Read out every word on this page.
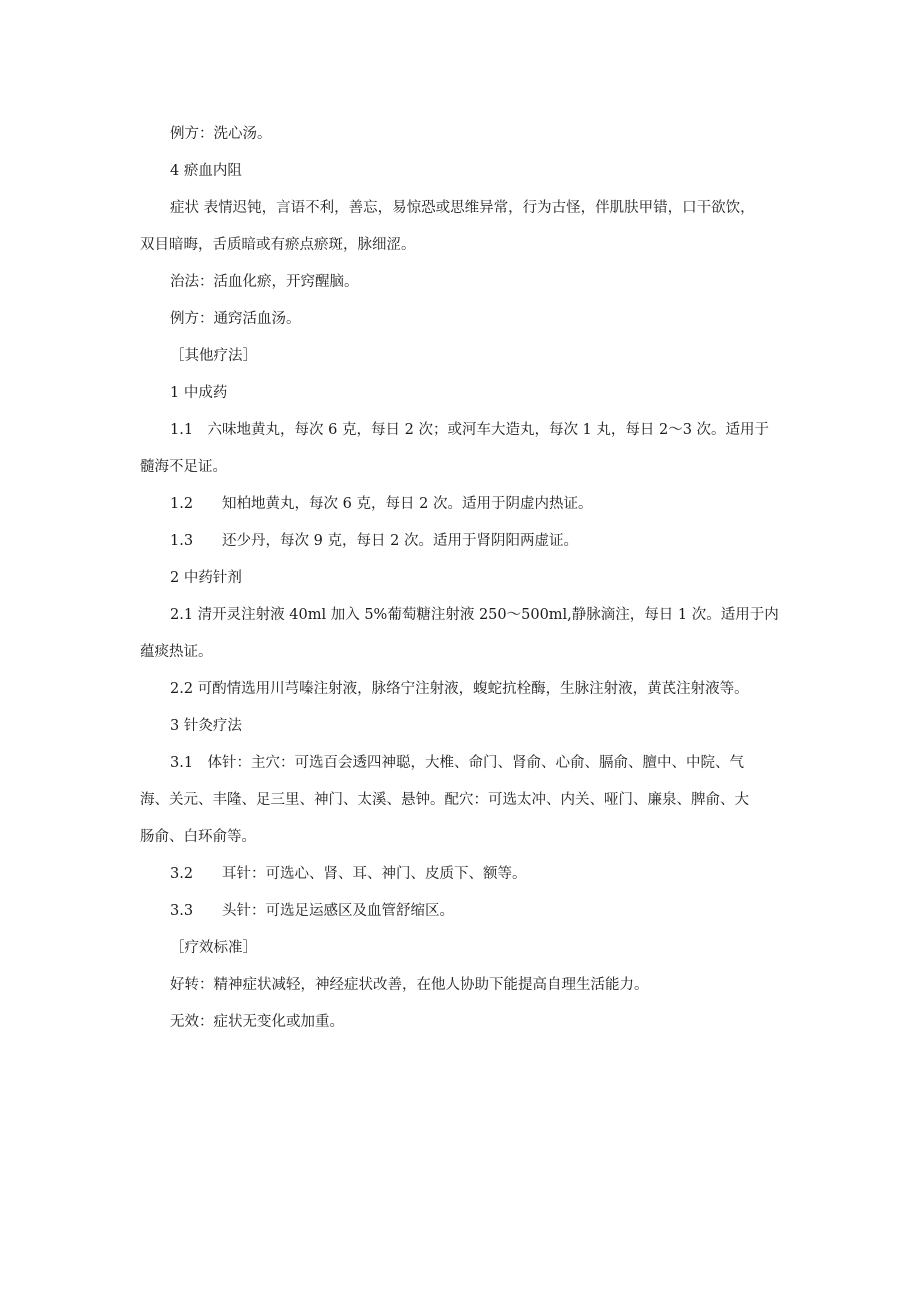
例方：洗心汤。
4 瘀血内阻
症状 表情迟钝，言语不利，善忘，易惊恐或思维异常，行为古怪，伴肌肤甲错，口干欲饮，
双目暗晦，舌质暗或有瘀点瘀斑，脉细涩。
治法：活血化瘀，开窍醒脑。
例方：通窍活血汤。
［其他疗法］
1 中成药
1.1　六味地黄丸，每次 6 克，每日 2 次；或河车大造丸，每次 1 丸，每日 2～3 次。适用于
髓海不足证。
1.2　　知柏地黄丸，每次 6 克，每日 2 次。适用于阴虚内热证。
1.3　　还少丹，每次 9 克，每日 2 次。适用于肾阴阳两虚证。
2 中药针剂
2.1 清开灵注射液 40ml 加入 5%葡萄糖注射液 250～500ml,静脉滴注，每日 1 次。适用于内
蕴痰热证。
2.2 可酌情选用川芎嗪注射液，脉络宁注射液，蝮蛇抗栓酶，生脉注射液，黄芪注射液等。
3 针灸疗法
3.1　体针：主穴：可选百会透四神聪，大椎、命门、肾俞、心俞、膈俞、膻中、中院、气
海、关元、丰隆、足三里、神门、太溪、悬钟。配穴：可选太冲、内关、哑门、廉泉、脾俞、大
肠俞、白环俞等。
3.2　　耳针：可选心、肾、耳、神门、皮质下、额等。
3.3　　头针：可选足运感区及血管舒缩区。
［疗效标准］
好转：精神症状减轻，神经症状改善，在他人协助下能提高自理生活能力。
无效：症状无变化或加重。
